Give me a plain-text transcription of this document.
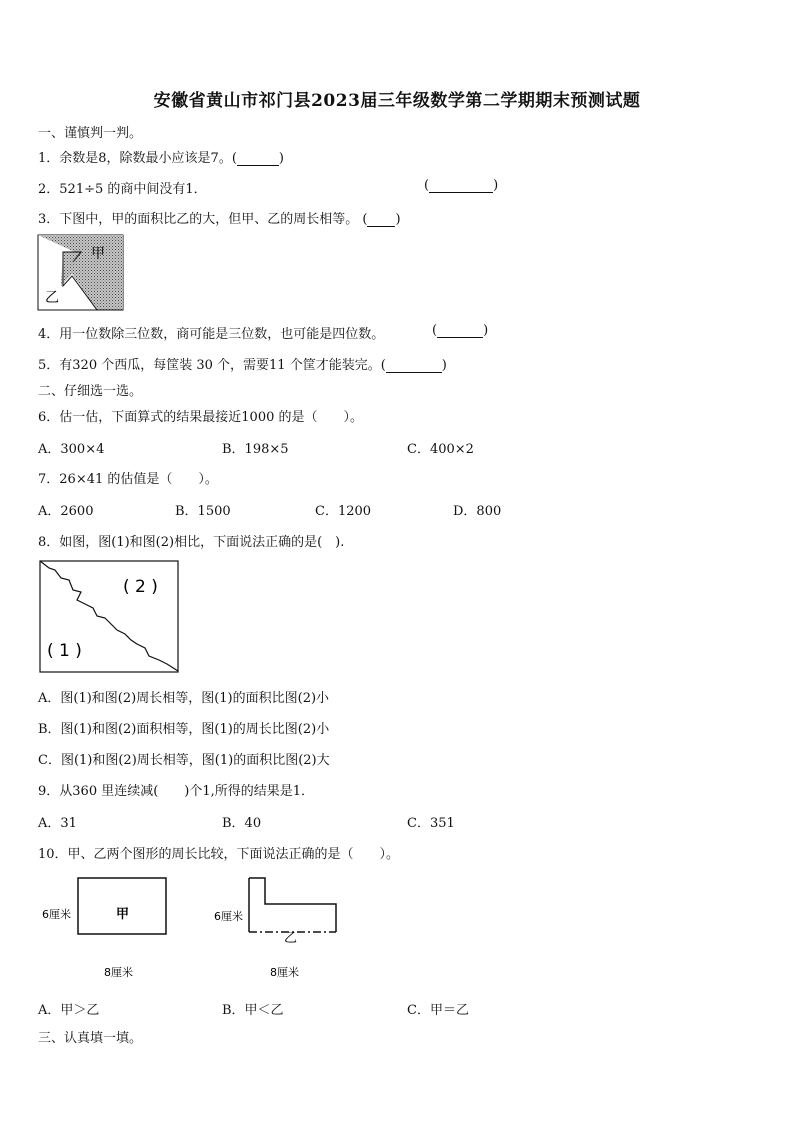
安徽省黄山市祁门县2023届三年级数学第二学期期末预测试题
一、谨慎判一判。
1．余数是8，除数最小应该是7。(	)
2．521÷5 的商中间没有1．	(	)
3．下图中，甲的面积比乙的大，但甲、乙的周长相等。 ( )
甲
乙
4．用一位数除三位数，商可能是三位数，也可能是四位数。	(	)
5．有320 个西瓜，每筐装 30 个，需要11 个筐才能装完。(	)
二、仔细选一选。
6．估一估，下面算式的结果最接近1000 的是（　　）。
A．300×4	B．198×5	C．400×2
7．26×41 的估值是（　　）。
A．2600	B．1500	C．1200	D．800
8．如图，图(1)和图(2)相比，下面说法正确的是(　).
( 2 )
( 1 )
A．图(1)和图(2)周长相等，图(1)的面积比图(2)小
B．图(1)和图(2)面积相等，图(1)的周长比图(2)小
C．图(1)和图(2)周长相等，图(1)的面积比图(2)大
9．从360 里连续减(　　)个1,所得的结果是1．
A．31	B．40	C．351
10．甲、乙两个图形的周长比较，下面说法正确的是（　　）。
6厘米	甲
8厘米
6厘米
乙
8厘米
A．甲＞乙	B．甲＜乙	C．甲＝乙
三、认真填一填。
